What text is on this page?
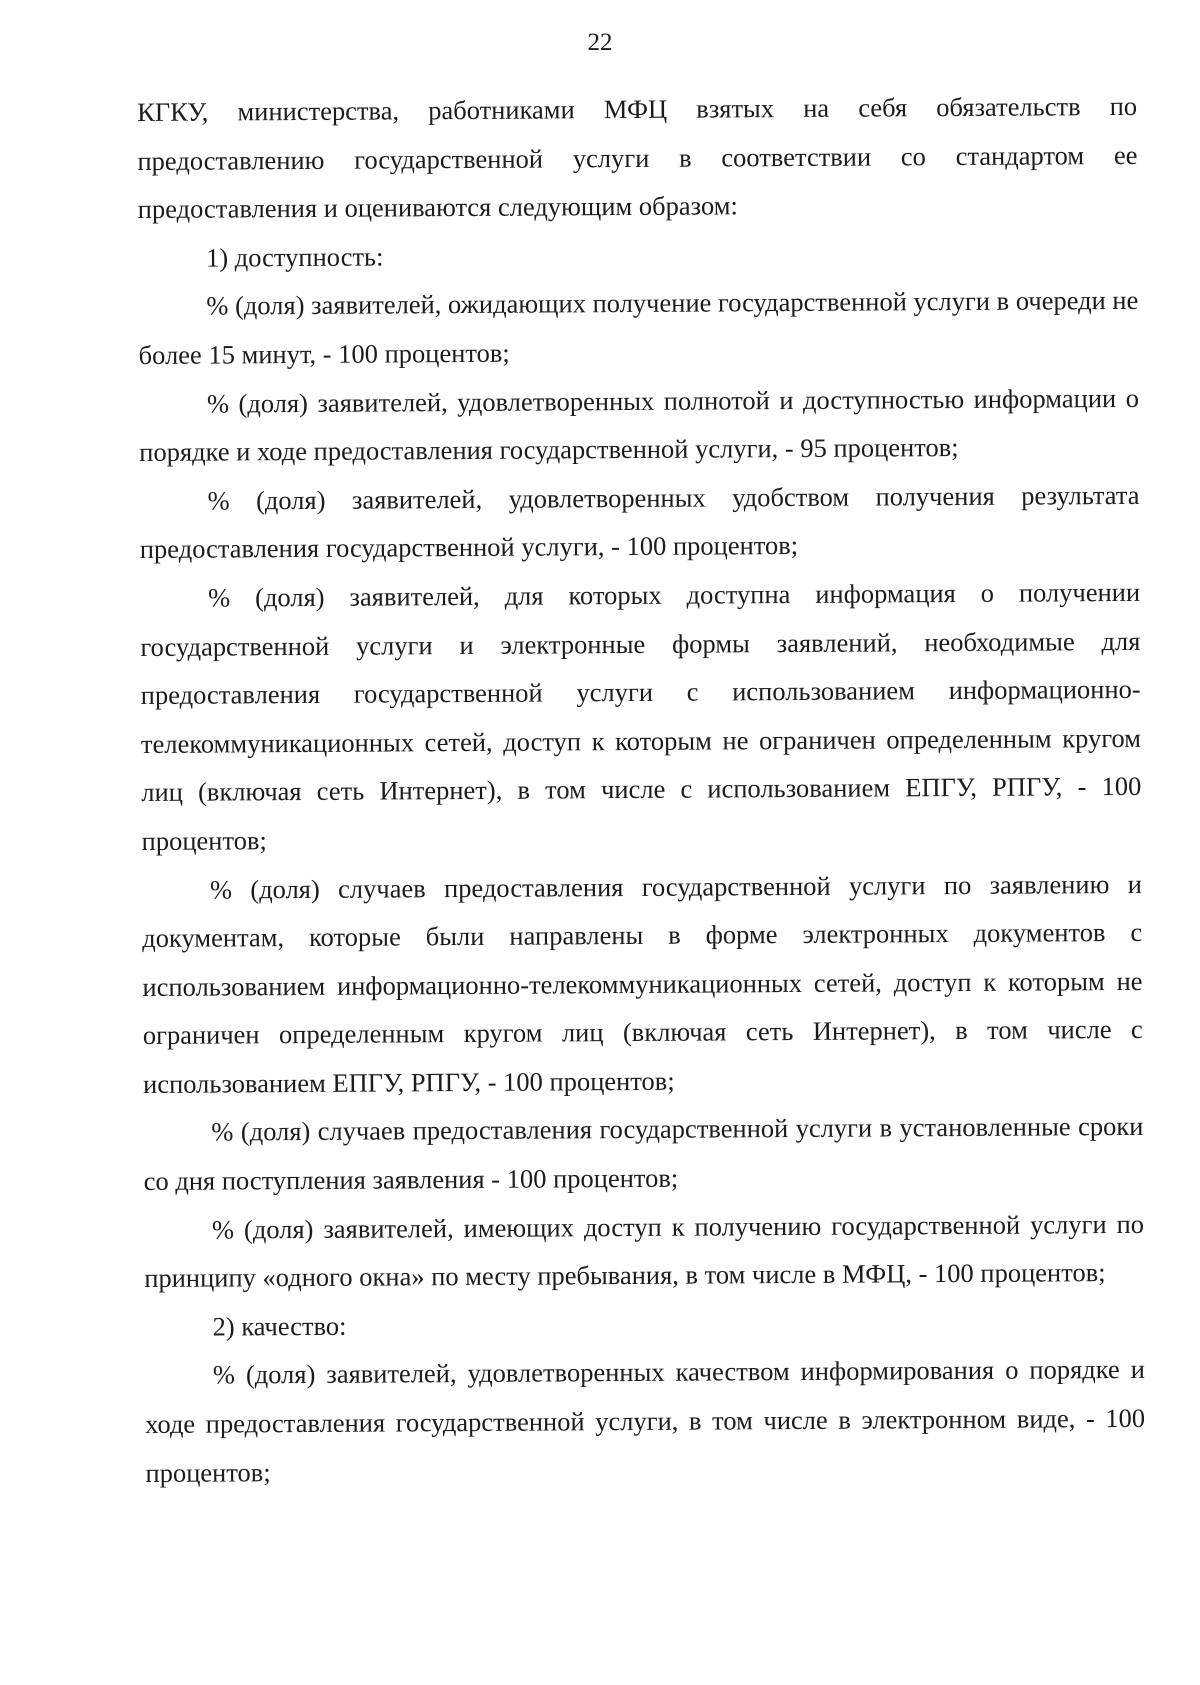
22

КГКУ, министерства, работниками МФЦ взятых на себя обязательств по предоставлению государственной услуги в соответствии со стандартом ее предоставления и оцениваются следующим образом:

1) доступность:

% (доля) заявителей, ожидающих получение государственной услуги в очереди не более 15 минут, - 100 процентов;

% (доля) заявителей, удовлетворенных полнотой и доступностью информации о порядке и ходе предоставления государственной услуги, - 95 процентов;

% (доля) заявителей, удовлетворенных удобством получения результата предоставления государственной услуги, - 100 процентов;

% (доля) заявителей, для которых доступна информация о получении государственной услуги и электронные формы заявлений, необходимые для предоставления государственной услуги с использованием информационно-телекоммуникационных сетей, доступ к которым не ограничен определенным кругом лиц (включая сеть Интернет), в том числе с использованием ЕПГУ, РПГУ, - 100 процентов;

% (доля) случаев предоставления государственной услуги по заявлению и документам, которые были направлены в форме электронных документов с использованием информационно-телекоммуникационных сетей, доступ к которым не ограничен определенным кругом лиц (включая сеть Интернет), в том числе с использованием ЕПГУ, РПГУ, - 100 процентов;

% (доля) случаев предоставления государственной услуги в установленные сроки со дня поступления заявления - 100 процентов;

% (доля) заявителей, имеющих доступ к получению государственной услуги по принципу «одного окна» по месту пребывания, в том числе в МФЦ, - 100 процентов;

2) качество:

% (доля) заявителей, удовлетворенных качеством информирования о порядке и ходе предоставления государственной услуги, в том числе в электронном виде, - 100 процентов;
